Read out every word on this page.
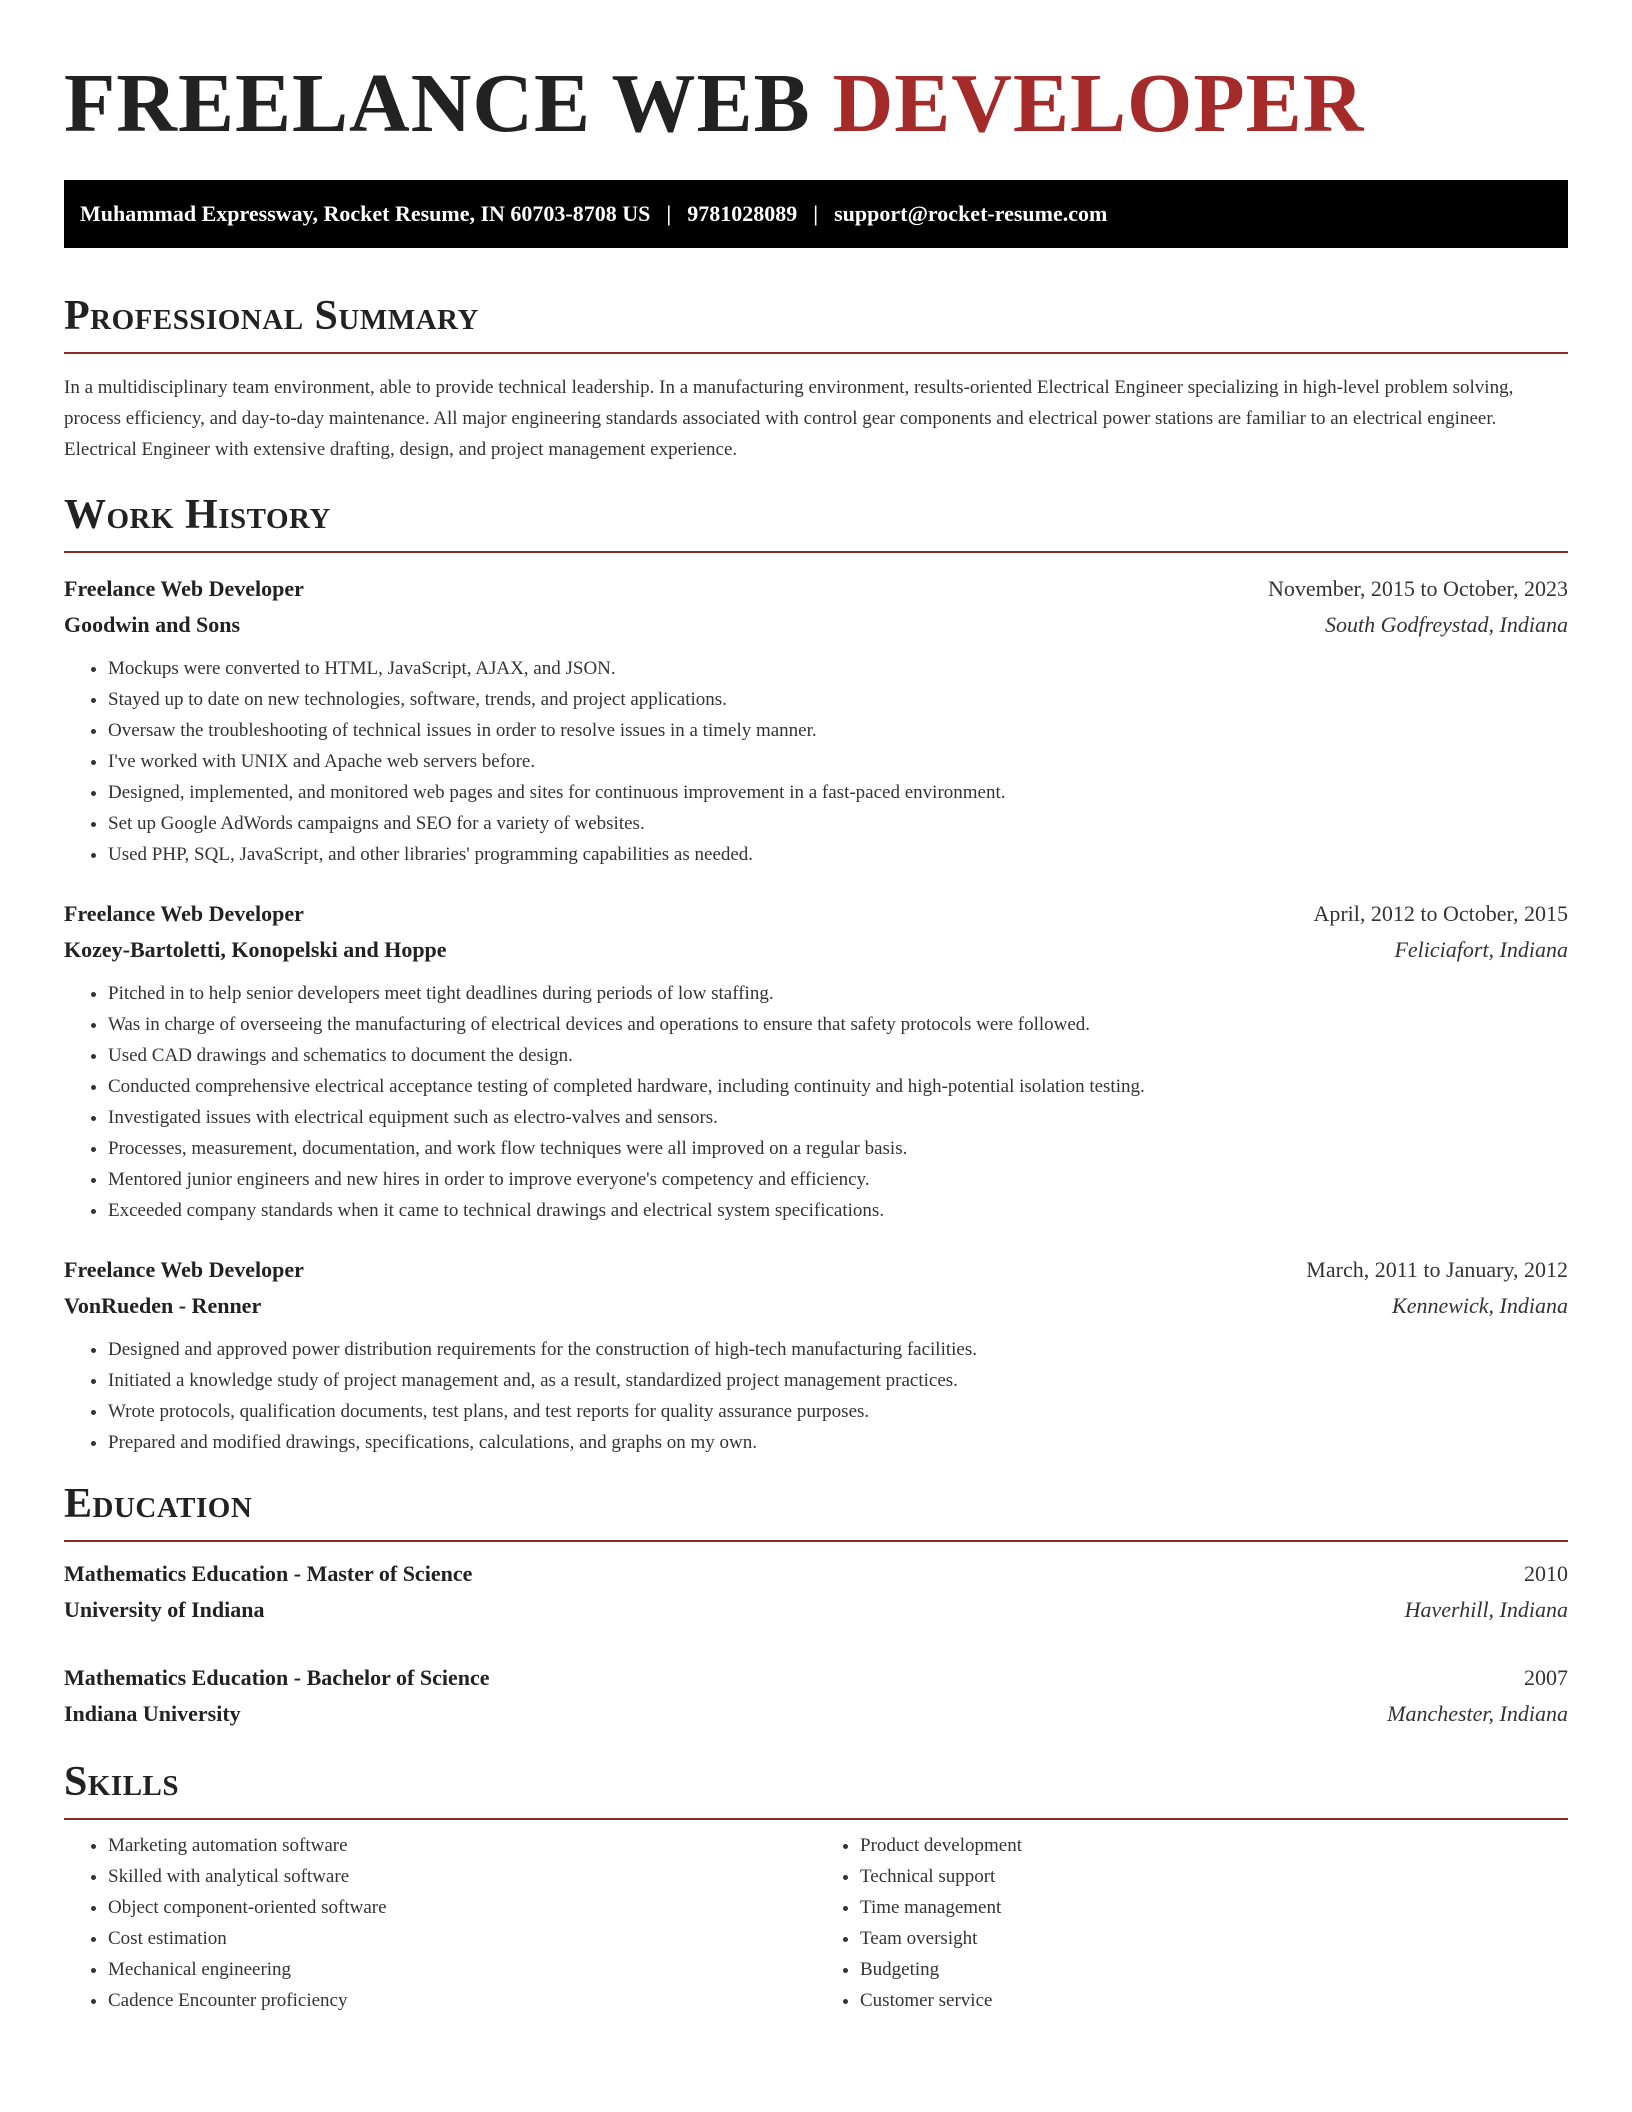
FREELANCE WEB DEVELOPER
Muhammad Expressway, Rocket Resume, IN 60703-8708 US | 9781028089 | support@rocket-resume.com
Professional Summary

In a multidisciplinary team environment, able to provide technical leadership. In a manufacturing environment, results-oriented Electrical Engineer specializing in high-level problem solving, process efficiency, and day-to-day maintenance. All major engineering standards associated with control gear components and electrical power stations are familiar to an electrical engineer. Electrical Engineer with extensive drafting, design, and project management experience.

Work History
Freelance Web Developer	November, 2015 to October, 2023
Goodwin and Sons	South Godfreystad, Indiana
• Mockups were converted to HTML, JavaScript, AJAX, and JSON.
• Stayed up to date on new technologies, software, trends, and project applications.
• Oversaw the troubleshooting of technical issues in order to resolve issues in a timely manner.
• I've worked with UNIX and Apache web servers before.
• Designed, implemented, and monitored web pages and sites for continuous improvement in a fast-paced environment.
• Set up Google AdWords campaigns and SEO for a variety of websites.
• Used PHP, SQL, JavaScript, and other libraries' programming capabilities as needed.
Freelance Web Developer	April, 2012 to October, 2015
Kozey-Bartoletti, Konopelski and Hoppe	Feliciafort, Indiana
• Pitched in to help senior developers meet tight deadlines during periods of low staffing.
• Was in charge of overseeing the manufacturing of electrical devices and operations to ensure that safety protocols were followed.
• Used CAD drawings and schematics to document the design.
• Conducted comprehensive electrical acceptance testing of completed hardware, including continuity and high-potential isolation testing.
• Investigated issues with electrical equipment such as electro-valves and sensors.
• Processes, measurement, documentation, and work flow techniques were all improved on a regular basis.
• Mentored junior engineers and new hires in order to improve everyone's competency and efficiency.
• Exceeded company standards when it came to technical drawings and electrical system specifications.
Freelance Web Developer	March, 2011 to January, 2012
VonRueden - Renner	Kennewick, Indiana
• Designed and approved power distribution requirements for the construction of high-tech manufacturing facilities.
• Initiated a knowledge study of project management and, as a result, standardized project management practices.
• Wrote protocols, qualification documents, test plans, and test reports for quality assurance purposes.
• Prepared and modified drawings, specifications, calculations, and graphs on my own.
Education
Mathematics Education - Master of Science	2010
University of Indiana	Haverhill, Indiana
Mathematics Education - Bachelor of Science	2007
Indiana University	Manchester, Indiana
Skills
• Marketing automation software
• Skilled with analytical software
• Object component-oriented software
• Cost estimation
• Mechanical engineering
• Cadence Encounter proficiency
• Product development
• Technical support
• Time management
• Team oversight
• Budgeting
• Customer service
